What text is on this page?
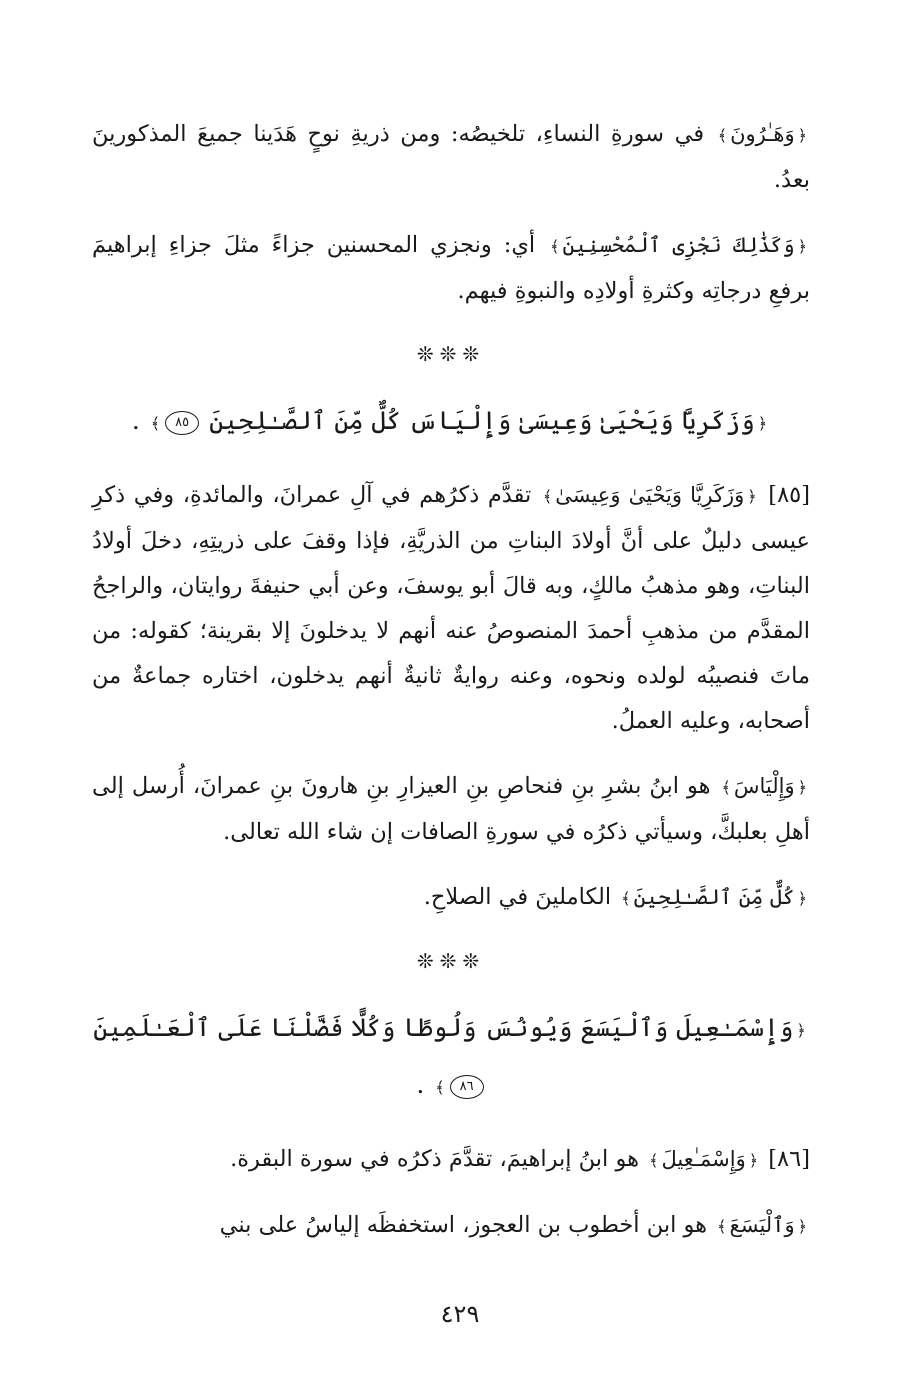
﴿وَهَـٰرُونَ﴾ في سورةِ النساءِ، تلخيصُه: ومن ذريةِ نوحٍ هَدَينا جميعَ المذكورينَ بعدُ.

﴿وَكَذَٰلِكَ نَجْزِى ٱلْمُحْسِنِينَ﴾ أي: ونجزي المحسنين جزاءً مثلَ جزاءِ إبراهيمَ برفعِ درجاتِه وكثرةِ أولادِه والنبوةِ فيهم.

❊❊❊
﴿وَزَكَرِيَّا وَيَحْيَىٰ وَعِيسَىٰ وَإِلْيَاسَ كُلٌّ مِّنَ ٱلصَّـٰلِحِينَ ٨٥﴾ .

[٨٥] ﴿وَزَكَرِيَّا وَيَحْيَىٰ وَعِيسَىٰ﴾ تقدَّم ذكرُهم في آلِ عمرانَ، والمائدةِ، وفي ذكرِ عيسى دليلٌ على أنَّ أولادَ البناتِ من الذريَّةِ، فإذا وقفَ على ذريتِهِ، دخلَ أولادُ البناتِ، وهو مذهبُ مالكٍ، وبه قالَ أبو يوسفَ، وعن أبي حنيفةَ روايتان، والراجحُ المقدَّم من مذهبِ أحمدَ المنصوصُ عنه أنهم لا يدخلونَ إلا بقرينة؛ كقوله: من ماتَ فنصيبُه لولده ونحوه، وعنه روايةٌ ثانيةٌ أنهم يدخلون، اختاره جماعةٌ من أصحابه، وعليه العملُ.

﴿وَإِلْيَاسَ﴾ هو ابنُ بشرِ بنِ فنحاصِ بنِ العيزارِ بنِ هارونَ بنِ عمرانَ، أُرسل إلى أهلِ بعلبكَّ، وسيأتي ذكرُه في سورةِ الصافات إن شاء الله تعالى.

﴿كُلٌّ مِّنَ ٱلصَّـٰلِحِينَ﴾ الكاملينَ في الصلاحِ.

❊❊❊
﴿وَإِسْمَـٰعِيلَ وَٱلْيَسَعَ وَيُونُسَ وَلُوطًا وَكُلًّا فَضَّلْنَا عَلَى ٱلْعَـٰلَمِينَ ٨٦﴾ .

[٨٦] ﴿وَإِسْمَـٰعِيلَ﴾ هو ابنُ إبراهيمَ، تقدَّمَ ذكرُه في سورة البقرة.

﴿وَٱلْيَسَعَ﴾ هو ابن أخطوب بن العجوز، استخفظَه إلياسُ على بني

٤٢٩
